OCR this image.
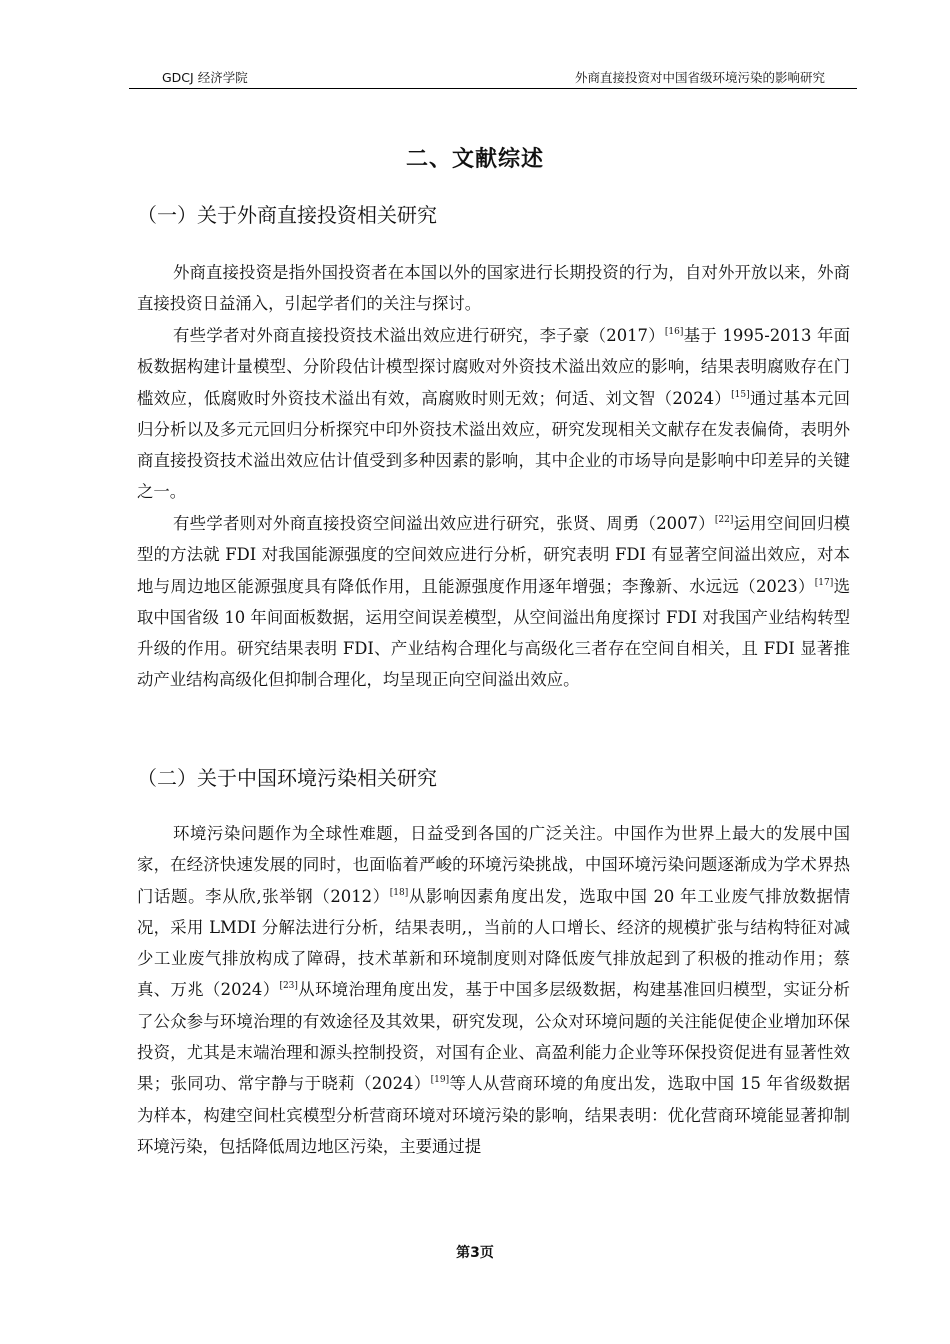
GDCJ 经济学院	外商直接投资对中国省级环境污染的影响研究
二、文献综述
（一）关于外商直接投资相关研究

外商直接投资是指外国投资者在本国以外的国家进行长期投资的行为，自对外开放以来，外商直接投资日益涌入，引起学者们的关注与探讨。

有些学者对外商直接投资技术溢出效应进行研究，李子豪（2017）[16]基于 1995-2013 年面板数据构建计量模型、分阶段估计模型探讨腐败对外资技术溢出效应的影响，结果表明腐败存在门槛效应，低腐败时外资技术溢出有效，高腐败时则无效；何适、刘文智（2024）[15]通过基本元回归分析以及多元元回归分析探究中印外资技术溢出效应，研究发现相关文献存在发表偏倚，表明外商直接投资技术溢出效应估计值受到多种因素的影响，其中企业的市场导向是影响中印差异的关键之一。

有些学者则对外商直接投资空间溢出效应进行研究，张贤、周勇（2007）[22]运用空间回归模型的方法就 FDI 对我国能源强度的空间效应进行分析，研究表明 FDI 有显著空间溢出效应，对本地与周边地区能源强度具有降低作用，且能源强度作用逐年增强；李豫新、水远远（2023）[17]选取中国省级 10 年间面板数据，运用空间误差模型，从空间溢出角度探讨 FDI 对我国产业结构转型升级的作用。研究结果表明 FDI、产业结构合理化与高级化三者存在空间自相关，且 FDI 显著推动产业结构高级化但抑制合理化，均呈现正向空间溢出效应。

（二）关于中国环境污染相关研究

环境污染问题作为全球性难题，日益受到各国的广泛关注。中国作为世界上最大的发展中国家，在经济快速发展的同时，也面临着严峻的环境污染挑战，中国环境污染问题逐渐成为学术界热门话题。李从欣,张举钢（2012）[18]从影响因素角度出发，选取中国 20 年工业废气排放数据情况，采用 LMDI 分解法进行分析，结果表明,，当前的人口增长、经济的规模扩张与结构特征对减少工业废气排放构成了障碍，技术革新和环境制度则对降低废气排放起到了积极的推动作用；蔡真、万兆（2024）[23]从环境治理角度出发，基于中国多层级数据，构建基准回归模型，实证分析了公众参与环境治理的有效途径及其效果，研究发现，公众对环境问题的关注能促使企业增加环保投资，尤其是末端治理和源头控制投资，对国有企业、高盈利能力企业等环保投资促进有显著性效果；张同功、常宇静与于晓莉（2024）[19]等人从营商环境的角度出发，选取中国 15 年省级数据为样本，构建空间杜宾模型分析营商环境对环境污染的影响，结果表明：优化营商环境能显著抑制环境污染，包括降低周边地区污染，主要通过提

第3页
